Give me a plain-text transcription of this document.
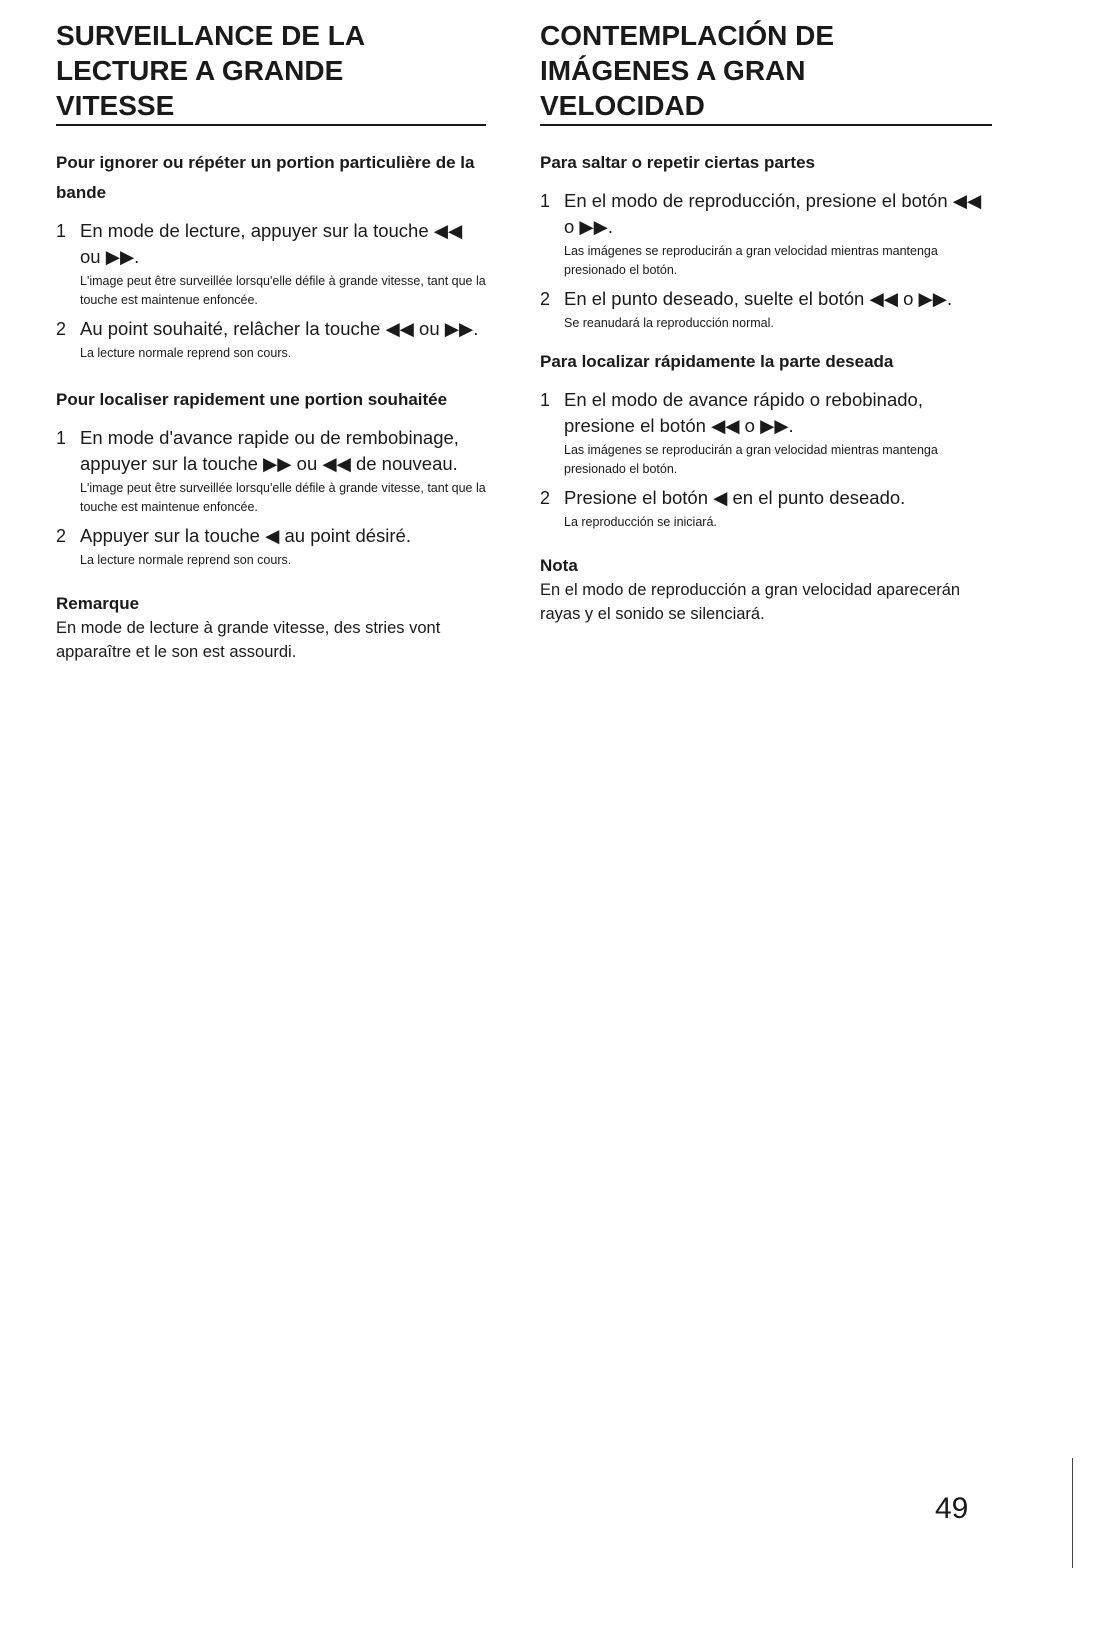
SURVEILLANCE DE LA
LECTURE A GRANDE
VITESSE

Pour ignorer ou répéter un portion particulière de la bande

1 En mode de lecture, appuyer sur la touche ◀◀ ou ▶▶.
L'image peut être surveillée lorsqu'elle défile à grande vitesse, tant que la touche est maintenue enfoncée.
2 Au point souhaité, relâcher la touche ◀◀ ou ▶▶.
La lecture normale reprend son cours.

Pour localiser rapidement une portion souhaitée

1 En mode d'avance rapide ou de rembobinage, appuyer sur la touche ▶▶ ou ◀◀ de nouveau.
L'image peut être surveillée lorsqu'elle défile à grande vitesse, tant que la touche est maintenue enfoncée.
2 Appuyer sur la touche ◀ au point désiré.
La lecture normale reprend son cours.

Remarque

En mode de lecture à grande vitesse, des stries vont apparaître et le son est assourdi.

CONTEMPLACIÓN DE
IMÁGENES A GRAN
VELOCIDAD

Para saltar o repetir ciertas partes

1 En el modo de reproducción, presione el botón ◀◀ o ▶▶.
Las imágenes se reproducirán a gran velocidad mientras mantenga presionado el botón.
2 En el punto deseado, suelte el botón ◀◀ o ▶▶.
Se reanudará la reproducción normal.

Para localizar rápidamente la parte deseada

1 En el modo de avance rápido o rebobinado, presione el botón ◀◀ o ▶▶.
Las imágenes se reproducirán a gran velocidad mientras mantenga presionado el botón.
2 Presione el botón ◀ en el punto deseado.
La reproducción se iniciará.

Nota

En el modo de reproducción a gran velocidad aparecerán rayas y el sonido se silenciará.

49
